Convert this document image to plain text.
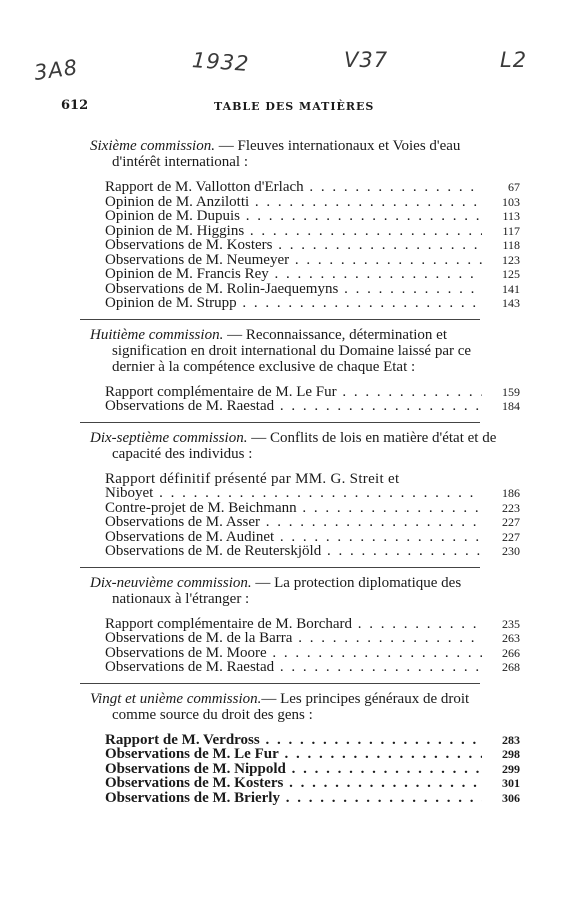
3A8	1932	V37	L2
612	TABLE DES MATIÈRES

Sixième commission. — Fleuves internationaux et Voies d'eau d'intérêt international :

Rapport de M. Vallotton d'Erlach . . .	67
Opinion de M. Anzilotti . . .	103
Opinion de M. Dupuis . . .	113
Opinion de M. Higgins . . .	117
Observations de M. Kosters . . .	118
Observations de M. Neumeyer . . .	123
Opinion de M. Francis Rey . . .	125
Observations de M. Rolin-Jaequemyns . . .	141
Opinion de M. Strupp . . .	143

Huitième commission. — Reconnaissance, détermination et signification en droit international du Domaine laissé par ce dernier à la compétence exclusive de chaque Etat :

Rapport complémentaire de M. Le Fur . . .	159
Observations de M. Raestad . . .	184

Dix-septième commission. — Conflits de lois en matière d'état et de capacité des individus :

Rapport définitif présenté par MM. G. Streit et
Niboyet . . .	186
Contre-projet de M. Beichmann . . .	223
Observations de M. Asser . . .	227
Observations de M. Audinet . . .	227
Observations de M. de Reuterskjöld . . .	230

Dix-neuvième commission. — La protection diplomatique des nationaux à l'étranger :

Rapport complémentaire de M. Borchard . . .	235
Observations de M. de la Barra . . .	263
Observations de M. Moore . . .	266
Observations de M. Raestad . . .	268

Vingt et unième commission.— Les principes généraux de droit comme source du droit des gens :

Rapport de M. Verdross . . .	283
Observations de M. Le Fur . . .	298
Observations de M. Nippold . . .	299
Observations de M. Kosters . . .	301
Observations de M. Brierly . . .	306
